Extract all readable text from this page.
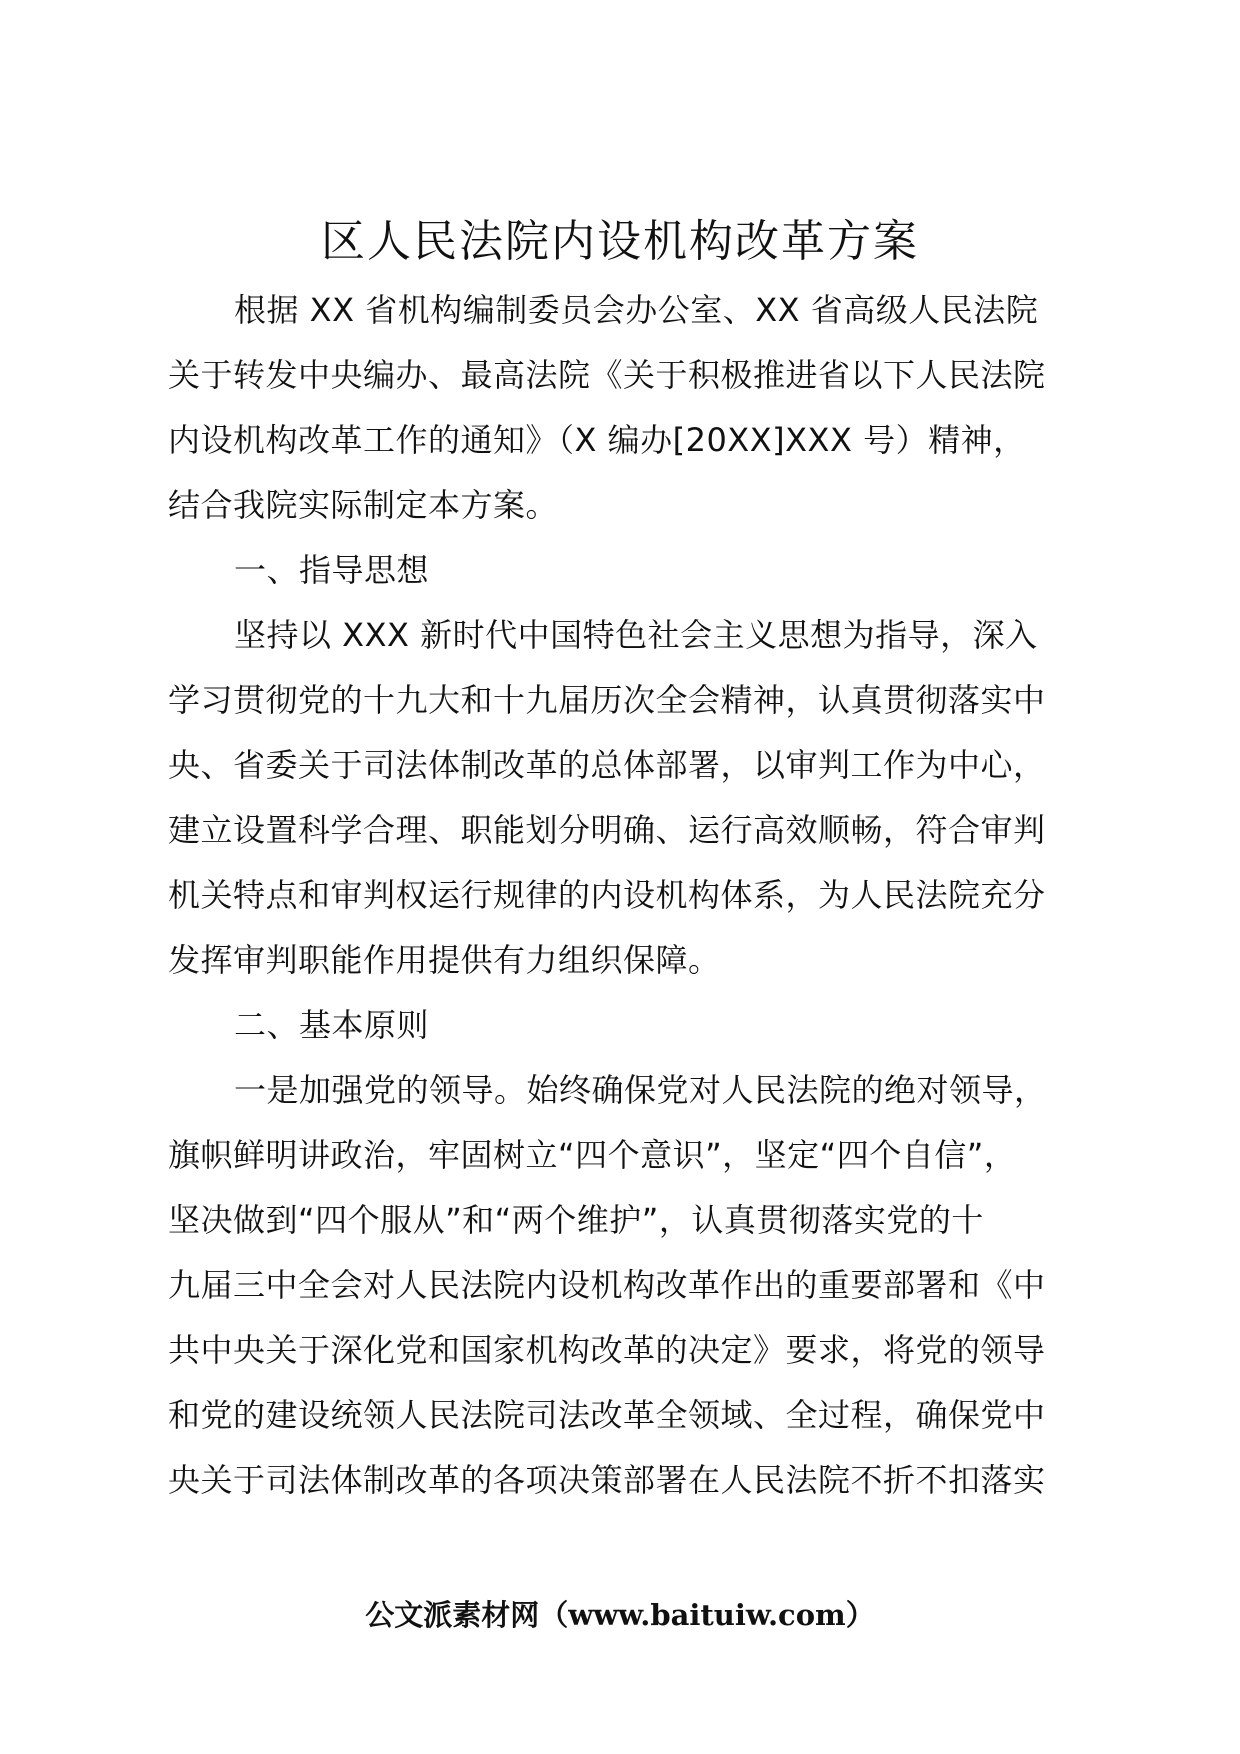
区人民法院内设机构改革方案
根据 XX 省机构编制委员会办公室、XX 省高级人民法院
关于转发中央编办、最高法院《关于积极推进省以下人民法院
内设机构改革工作的通知》（X 编办[20XX]XXX 号）精神，
结合我院实际制定本方案。
一、指导思想
坚持以 XXX 新时代中国特色社会主义思想为指导，深入
学习贯彻党的十九大和十九届历次全会精神，认真贯彻落实中
央、省委关于司法体制改革的总体部署，以审判工作为中心，
建立设置科学合理、职能划分明确、运行高效顺畅，符合审判
机关特点和审判权运行规律的内设机构体系，为人民法院充分
发挥审判职能作用提供有力组织保障。
二、基本原则
一是加强党的领导。始终确保党对人民法院的绝对领导，
旗帜鲜明讲政治，牢固树立“四个意识”，坚定“四个自信”，
坚决做到“四个服从”和“两个维护”，认真贯彻落实党的十
九届三中全会对人民法院内设机构改革作出的重要部署和《中
共中央关于深化党和国家机构改革的决定》要求，将党的领导
和党的建设统领人民法院司法改革全领域、全过程，确保党中
央关于司法体制改革的各项决策部署在人民法院不折不扣落实
公文派素材网（www.baituiw.com）
